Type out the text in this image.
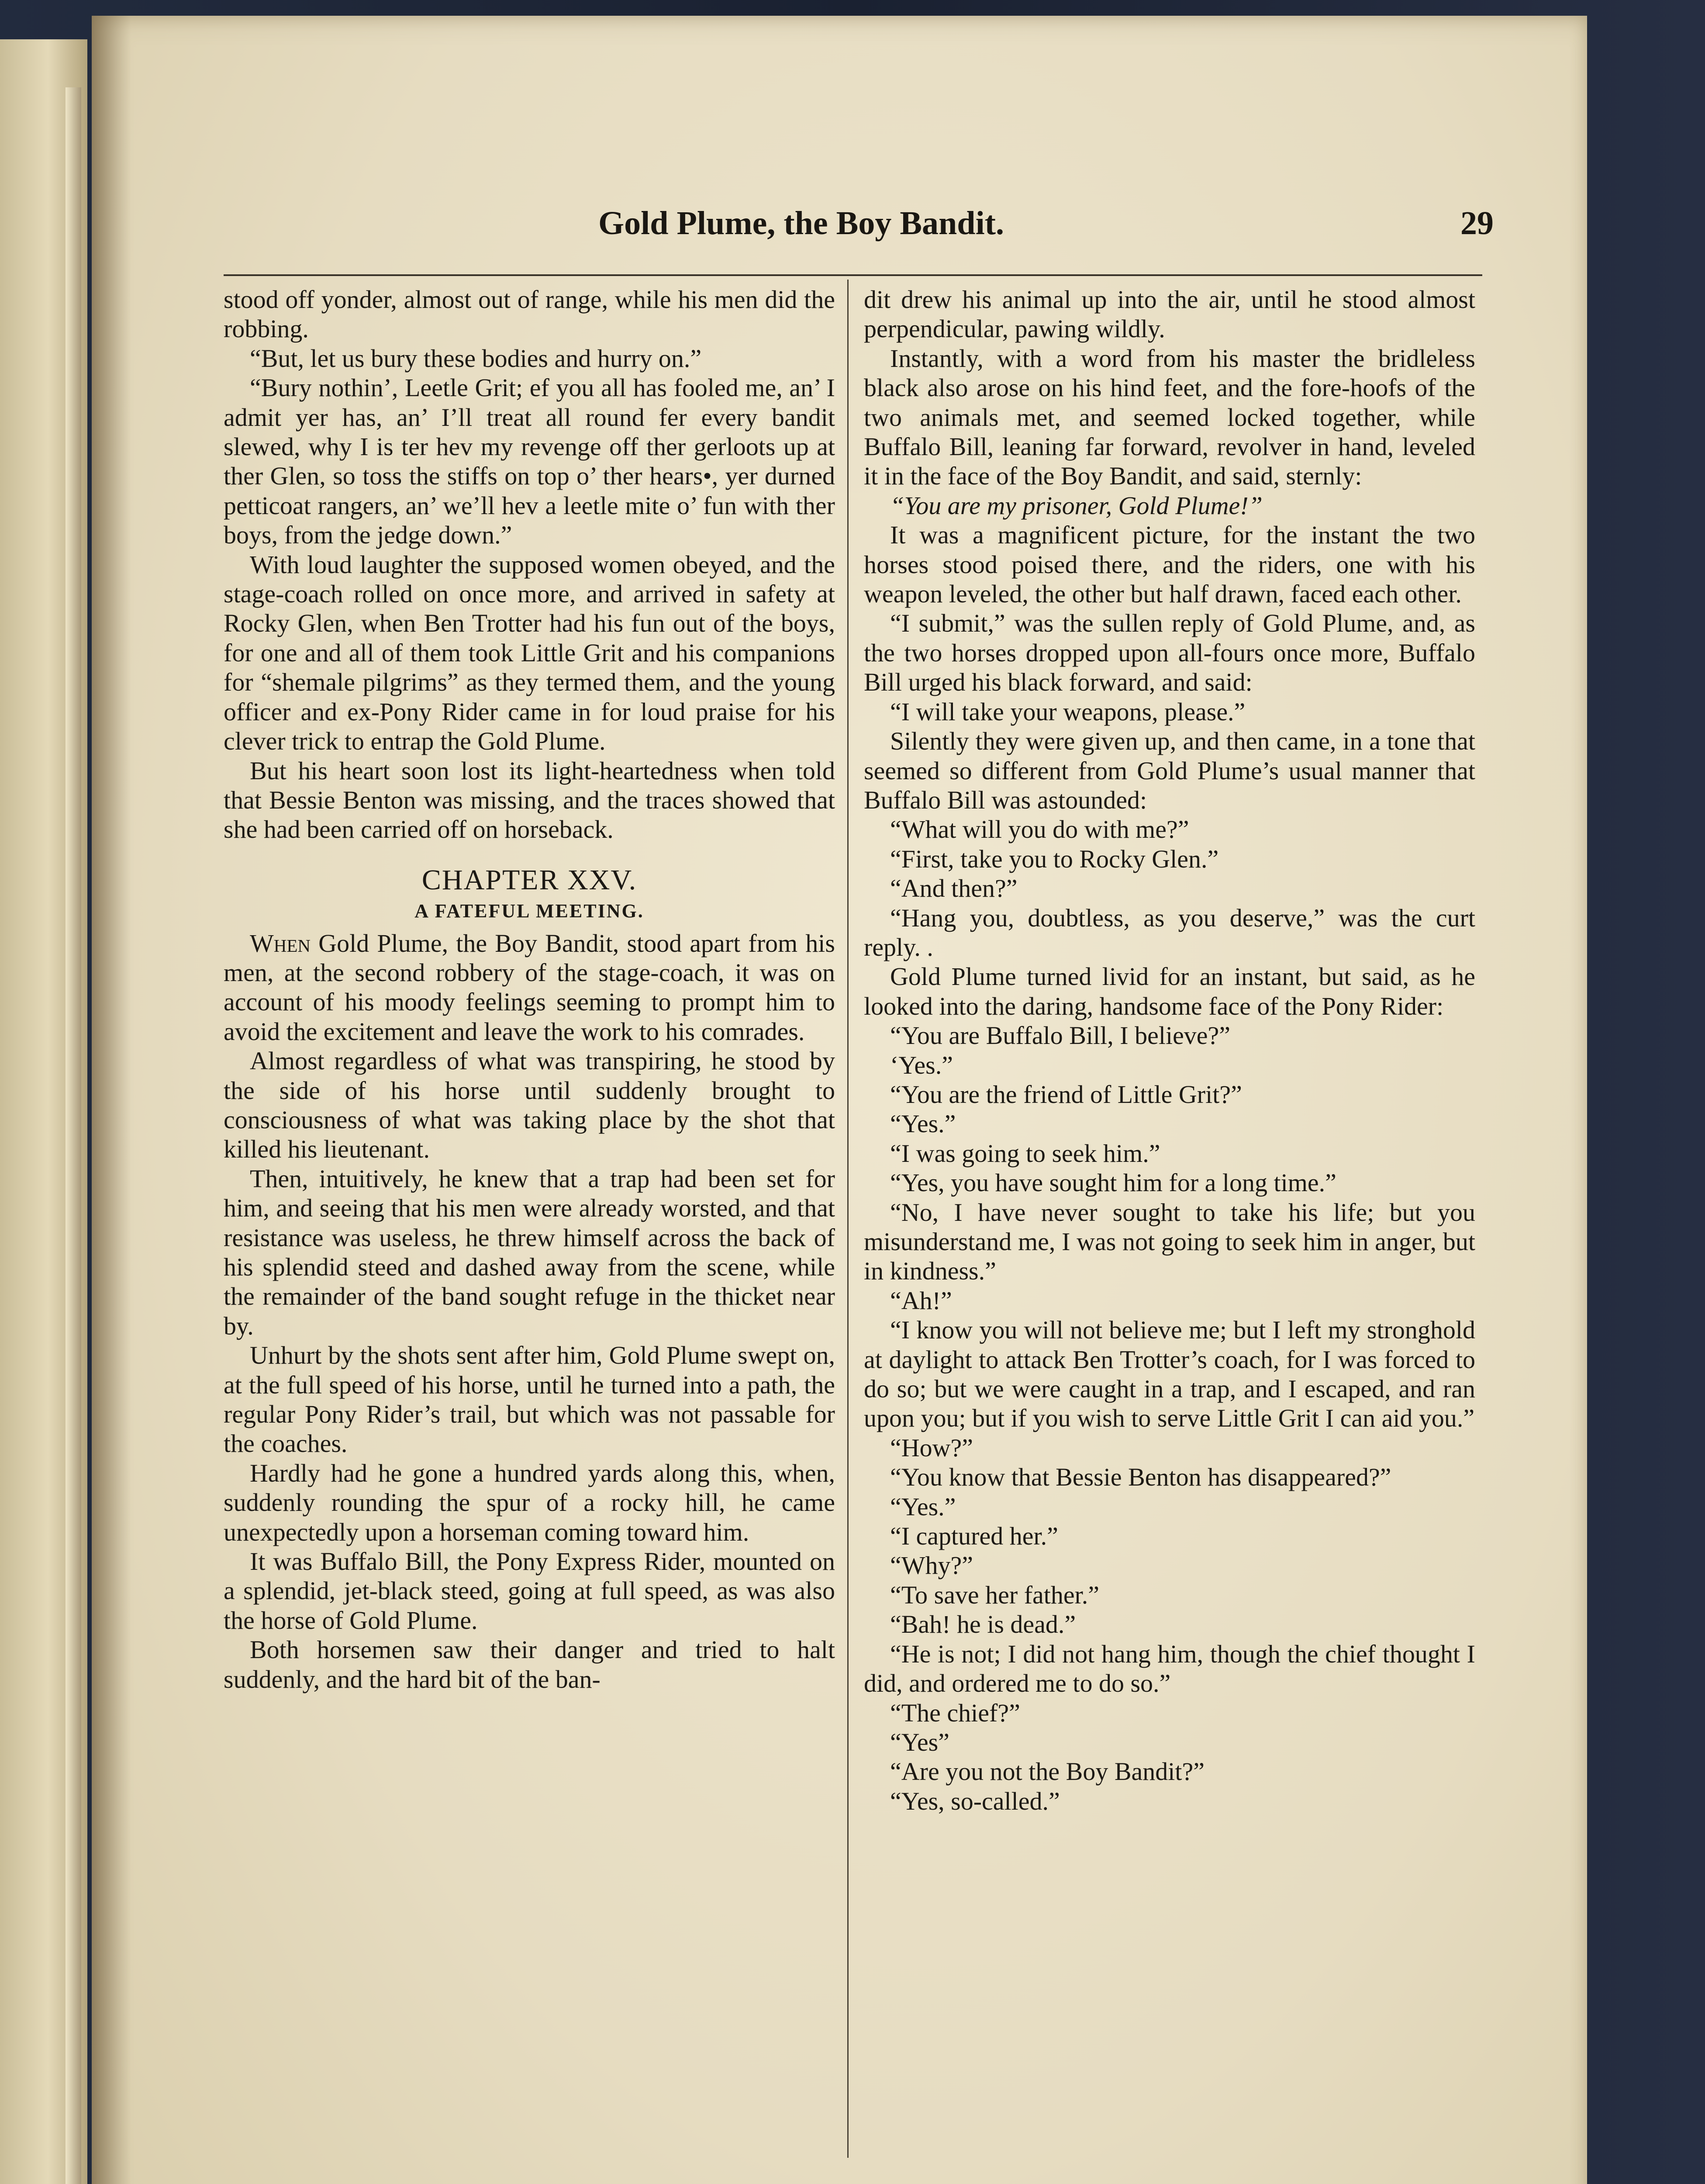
Gold Plume, the Boy Bandit.	29

stood off yonder, almost out of range, while his men did the robbing.

“But, let us bury these bodies and hurry on.”

“Bury nothin’, Leetle Grit; ef you all has fooled me, an’ I admit yer has, an’ I’ll treat all round fer every bandit slewed, why I is ter hev my revenge off ther gerloots up at ther Glen, so toss the stiffs on top o’ ther hears•, yer durned petticoat rangers, an’ we’ll hev a leetle mite o’ fun with ther boys, from the jedge down.”

With loud laughter the supposed women obeyed, and the stage-coach rolled on once more, and arrived in safety at Rocky Glen, when Ben Trotter had his fun out of the boys, for one and all of them took Little Grit and his companions for “shemale pilgrims” as they termed them, and the young officer and ex-Pony Rider came in for loud praise for his clever trick to entrap the Gold Plume.

But his heart soon lost its light-heartedness when told that Bessie Benton was missing, and the traces showed that she had been carried off on horseback.

CHAPTER XXV.
A FATEFUL MEETING.

When Gold Plume, the Boy Bandit, stood apart from his men, at the second robbery of the stage-coach, it was on account of his moody feelings seeming to prompt him to avoid the excitement and leave the work to his comrades.

Almost regardless of what was transpiring, he stood by the side of his horse until suddenly brought to consciousness of what was taking place by the shot that killed his lieutenant.

Then, intuitively, he knew that a trap had been set for him, and seeing that his men were already worsted, and that resistance was useless, he threw himself across the back of his splendid steed and dashed away from the scene, while the remainder of the band sought refuge in the thicket near by.

Unhurt by the shots sent after him, Gold Plume swept on, at the full speed of his horse, until he turned into a path, the regular Pony Rider’s trail, but which was not passable for the coaches.

Hardly had he gone a hundred yards along this, when, suddenly rounding the spur of a rocky hill, he came unexpectedly upon a horseman coming toward him.

It was Buffalo Bill, the Pony Express Rider, mounted on a splendid, jet-black steed, going at full speed, as was also the horse of Gold Plume.

Both horsemen saw their danger and tried to halt suddenly, and the hard bit of the ban-

dit drew his animal up into the air, until he stood almost perpendicular, pawing wildly.

Instantly, with a word from his master the bridleless black also arose on his hind feet, and the fore-hoofs of the two animals met, and seemed locked together, while Buffalo Bill, leaning far forward, revolver in hand, leveled it in the face of the Boy Bandit, and said, sternly:

“You are my prisoner, Gold Plume!”

It was a magnificent picture, for the instant the two horses stood poised there, and the riders, one with his weapon leveled, the other but half drawn, faced each other.

“I submit,” was the sullen reply of Gold Plume, and, as the two horses dropped upon all-fours once more, Buffalo Bill urged his black forward, and said:

“I will take your weapons, please.”

Silently they were given up, and then came, in a tone that seemed so different from Gold Plume’s usual manner that Buffalo Bill was astounded:

“What will you do with me?”

“First, take you to Rocky Glen.”

“And then?”

“Hang you, doubtless, as you deserve,” was the curt reply. .

Gold Plume turned livid for an instant, but said, as he looked into the daring, handsome face of the Pony Rider:

“You are Buffalo Bill, I believe?”

‘Yes.”

“You are the friend of Little Grit?”

“Yes.”

“I was going to seek him.”

“Yes, you have sought him for a long time.”

“No, I have never sought to take his life; but you misunderstand me, I was not going to seek him in anger, but in kindness.”

“Ah!”

“I know you will not believe me; but I left my stronghold at daylight to attack Ben Trotter’s coach, for I was forced to do so; but we were caught in a trap, and I escaped, and ran upon you; but if you wish to serve Little Grit I can aid you.”

“How?”

“You know that Bessie Benton has disappeared?”

“Yes.”

“I captured her.”

“Why?”

“To save her father.”

“Bah! he is dead.”

“He is not; I did not hang him, though the chief thought I did, and ordered me to do so.”

“The chief?”

“Yes”

“Are you not the Boy Bandit?”

“Yes, so-called.”
